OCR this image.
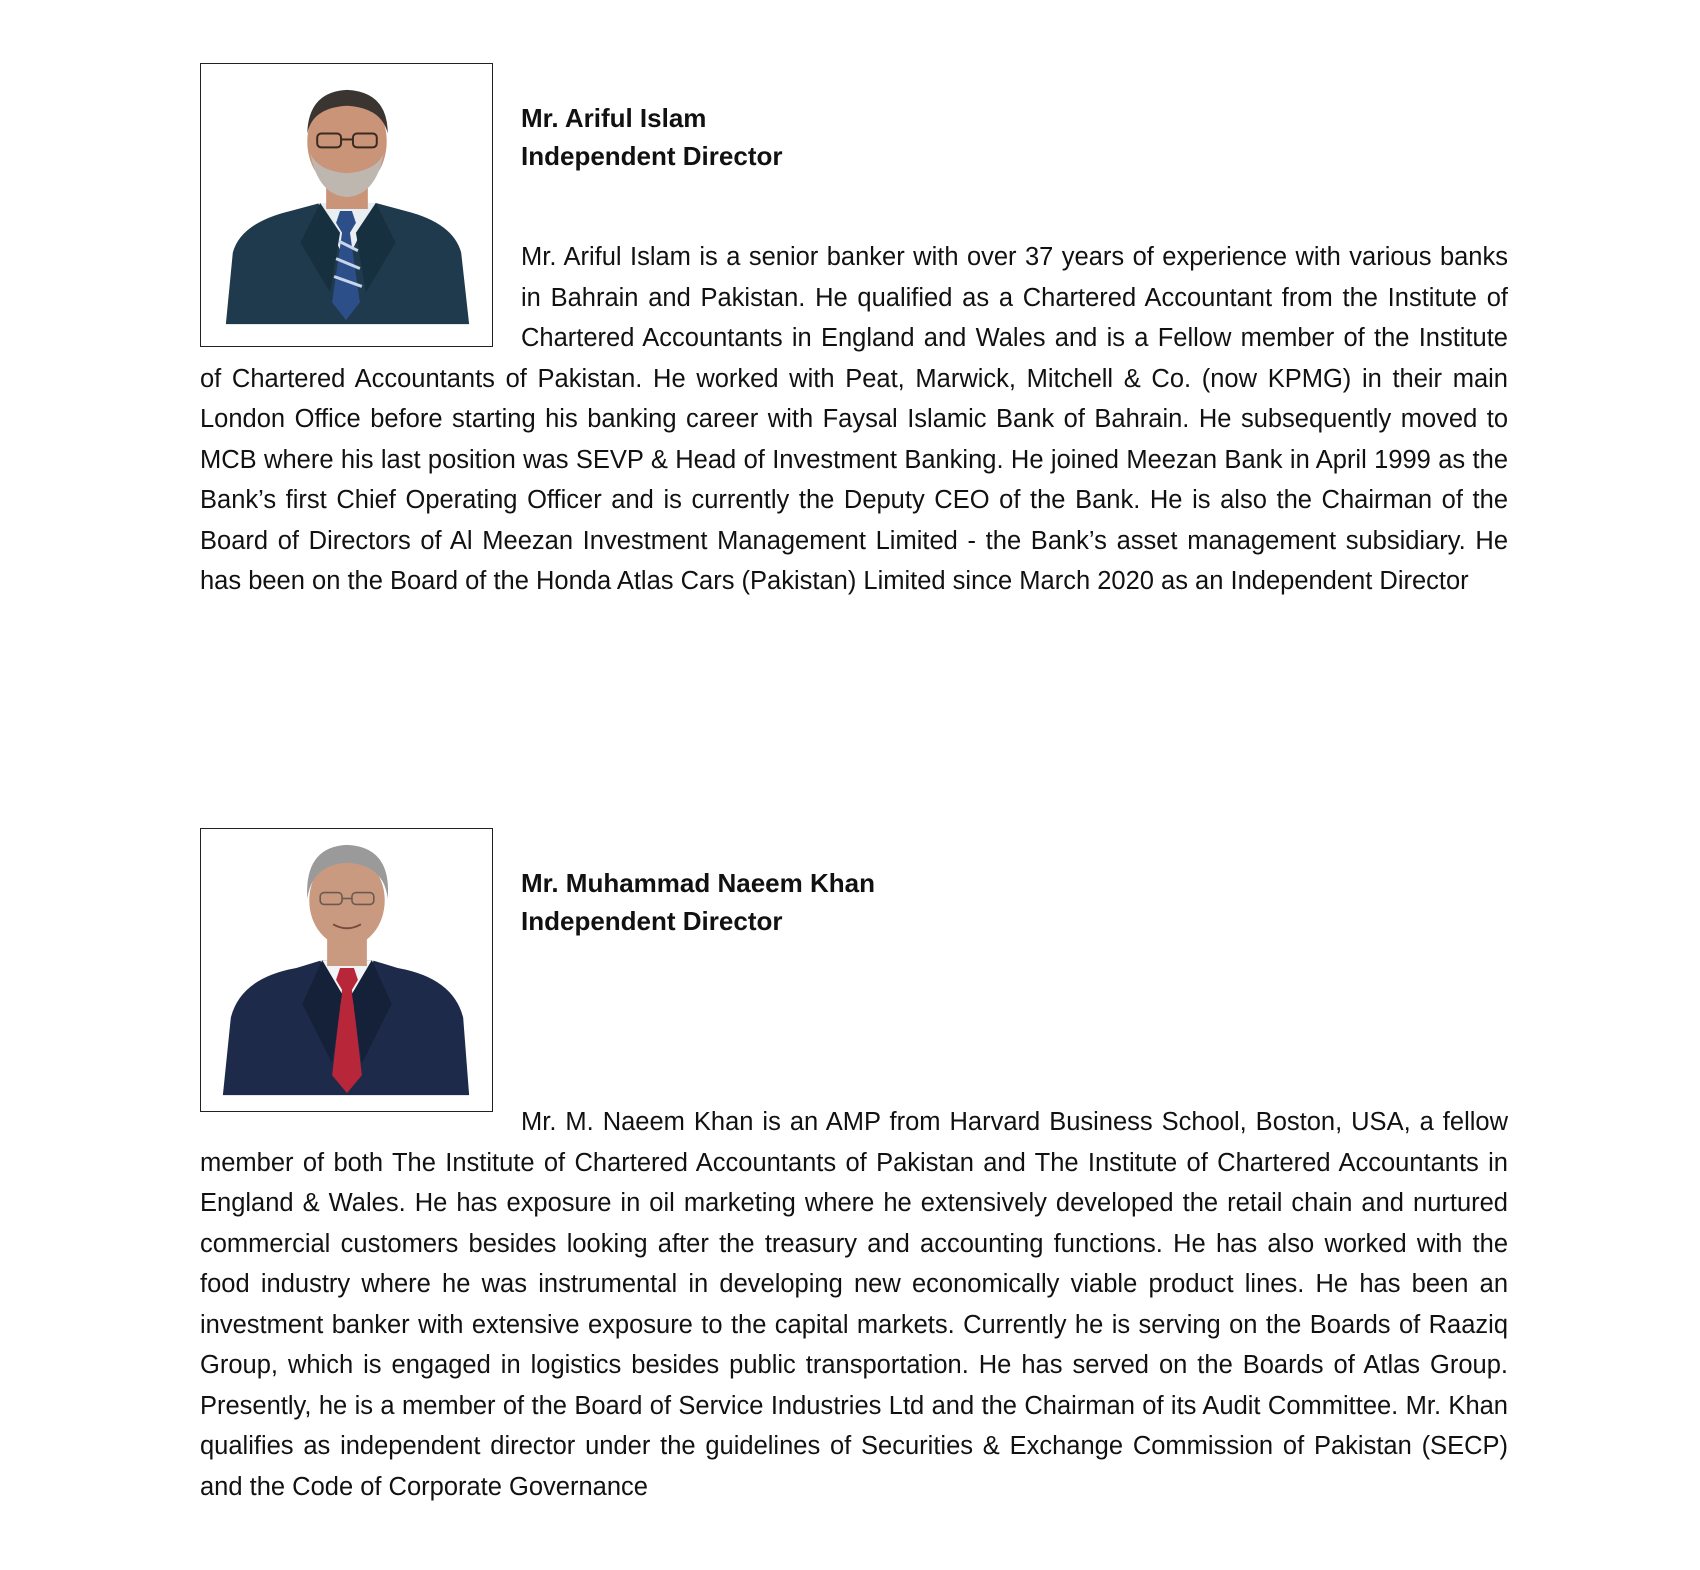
Mr. Ariful Islam
Independent Director

Mr. Ariful Islam is a senior banker with over 37 years of experience with various banks in Bahrain and Pakistan. He qualified as a Chartered Accountant from the Institute of Chartered Accountants in England and Wales and is a Fellow member of the Institute of Chartered Accountants of Pakistan. He worked with Peat, Marwick, Mitchell & Co. (now KPMG) in their main London Office before starting his banking career with Faysal Islamic Bank of Bahrain. He subsequently moved to MCB where his last position was SEVP & Head of Investment Banking. He joined Meezan Bank in April 1999 as the Bank’s first Chief Operating Officer and is currently the Deputy CEO of the Bank. He is also the Chairman of the Board of Directors of Al Meezan Investment Management Limited - the Bank’s asset management subsidiary. He has been on the Board of the Honda Atlas Cars (Pakistan) Limited since March 2020 as an Independent Director

Mr. Muhammad Naeem Khan
Independent Director

Mr. M. Naeem Khan is an AMP from Harvard Business School, Boston, USA, a fellow member of both The Institute of Chartered Accountants of Pakistan and The Institute of Chartered Accountants in England & Wales. He has exposure in oil marketing where he extensively developed the retail chain and nurtured commercial customers besides looking after the treasury and accounting functions. He has also worked with the food industry where he was instrumental in developing new economically viable product lines. He has been an investment banker with extensive exposure to the capital markets. Currently he is serving on the Boards of Raaziq Group, which is engaged in logistics besides public transportation. He has served on the Boards of Atlas Group. Presently, he is a member of the Board of Service Industries Ltd and the Chairman of its Audit Committee. Mr. Khan qualifies as independent director under the guidelines of Securities & Exchange Commission of Pakistan (SECP) and the Code of Corporate Governance
